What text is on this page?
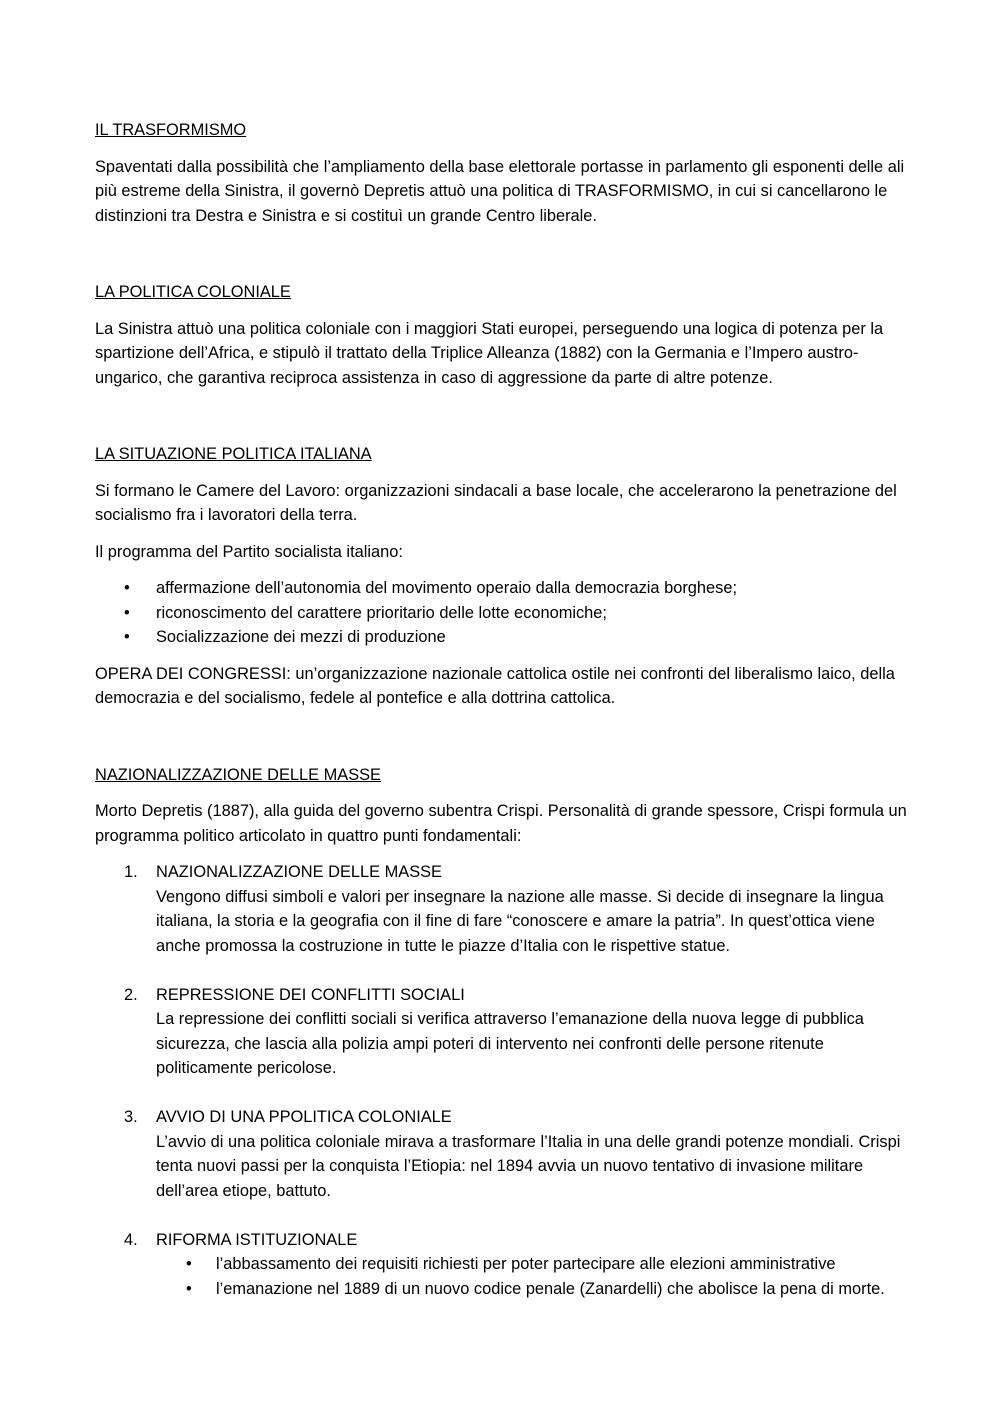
IL TRASFORMISMO

Spaventati dalla possibilità che l’ampliamento della base elettorale portasse in parlamento gli esponenti delle ali più estreme della Sinistra, il governò Depretis attuò una politica di TRASFORMISMO, in cui si cancellarono le distinzioni tra Destra e Sinistra e si costituì un grande Centro liberale.

LA POLITICA COLONIALE

La Sinistra attuò una politica coloniale con i maggiori Stati europei, perseguendo una logica di potenza per la spartizione dell’Africa, e stipulò il trattato della Triplice Alleanza (1882) con la Germania e l’Impero austro-ungarico, che garantiva reciproca assistenza in caso di aggressione da parte di altre potenze.

LA SITUAZIONE POLITICA ITALIANA

Si formano le Camere del Lavoro: organizzazioni sindacali a base locale, che accelerarono la penetrazione del socialismo fra i lavoratori della terra.

Il programma del Partito socialista italiano:

• affermazione dell’autonomia del movimento operaio dalla democrazia borghese;
• riconoscimento del carattere prioritario delle lotte economiche;
• Socializzazione dei mezzi di produzione

OPERA DEI CONGRESSI: un’organizzazione nazionale cattolica ostile nei confronti del liberalismo laico, della democrazia e del socialismo, fedele al pontefice e alla dottrina cattolica.

NAZIONALIZZAZIONE DELLE MASSE

Morto Depretis (1887), alla guida del governo subentra Crispi. Personalità di grande spessore, Crispi formula un programma politico articolato in quattro punti fondamentali:

1. NAZIONALIZZAZIONE DELLE MASSE
Vengono diffusi simboli e valori per insegnare la nazione alle masse. Si decide di insegnare la lingua italiana, la storia e la geografia con il fine di fare “conoscere e amare la patria”. In quest’ottica viene anche promossa la costruzione in tutte le piazze d’Italia con le rispettive statue.
2. REPRESSIONE DEI CONFLITTI SOCIALI
La repressione dei conflitti sociali si verifica attraverso l’emanazione della nuova legge di pubblica sicurezza, che lascia alla polizia ampi poteri di intervento nei confronti delle persone ritenute politicamente pericolose.
3. AVVIO DI UNA PPOLITICA COLONIALE
L’avvio di una politica coloniale mirava a trasformare l’Italia in una delle grandi potenze mondiali. Crispi tenta nuovi passi per la conquista l’Etiopia: nel 1894 avvia un nuovo tentativo di invasione militare dell’area etiope, battuto.
4. RIFORMA ISTITUZIONALE
• l’abbassamento dei requisiti richiesti per poter partecipare alle elezioni amministrative
• l’emanazione nel 1889 di un nuovo codice penale (Zanardelli) che abolisce la pena di morte.
